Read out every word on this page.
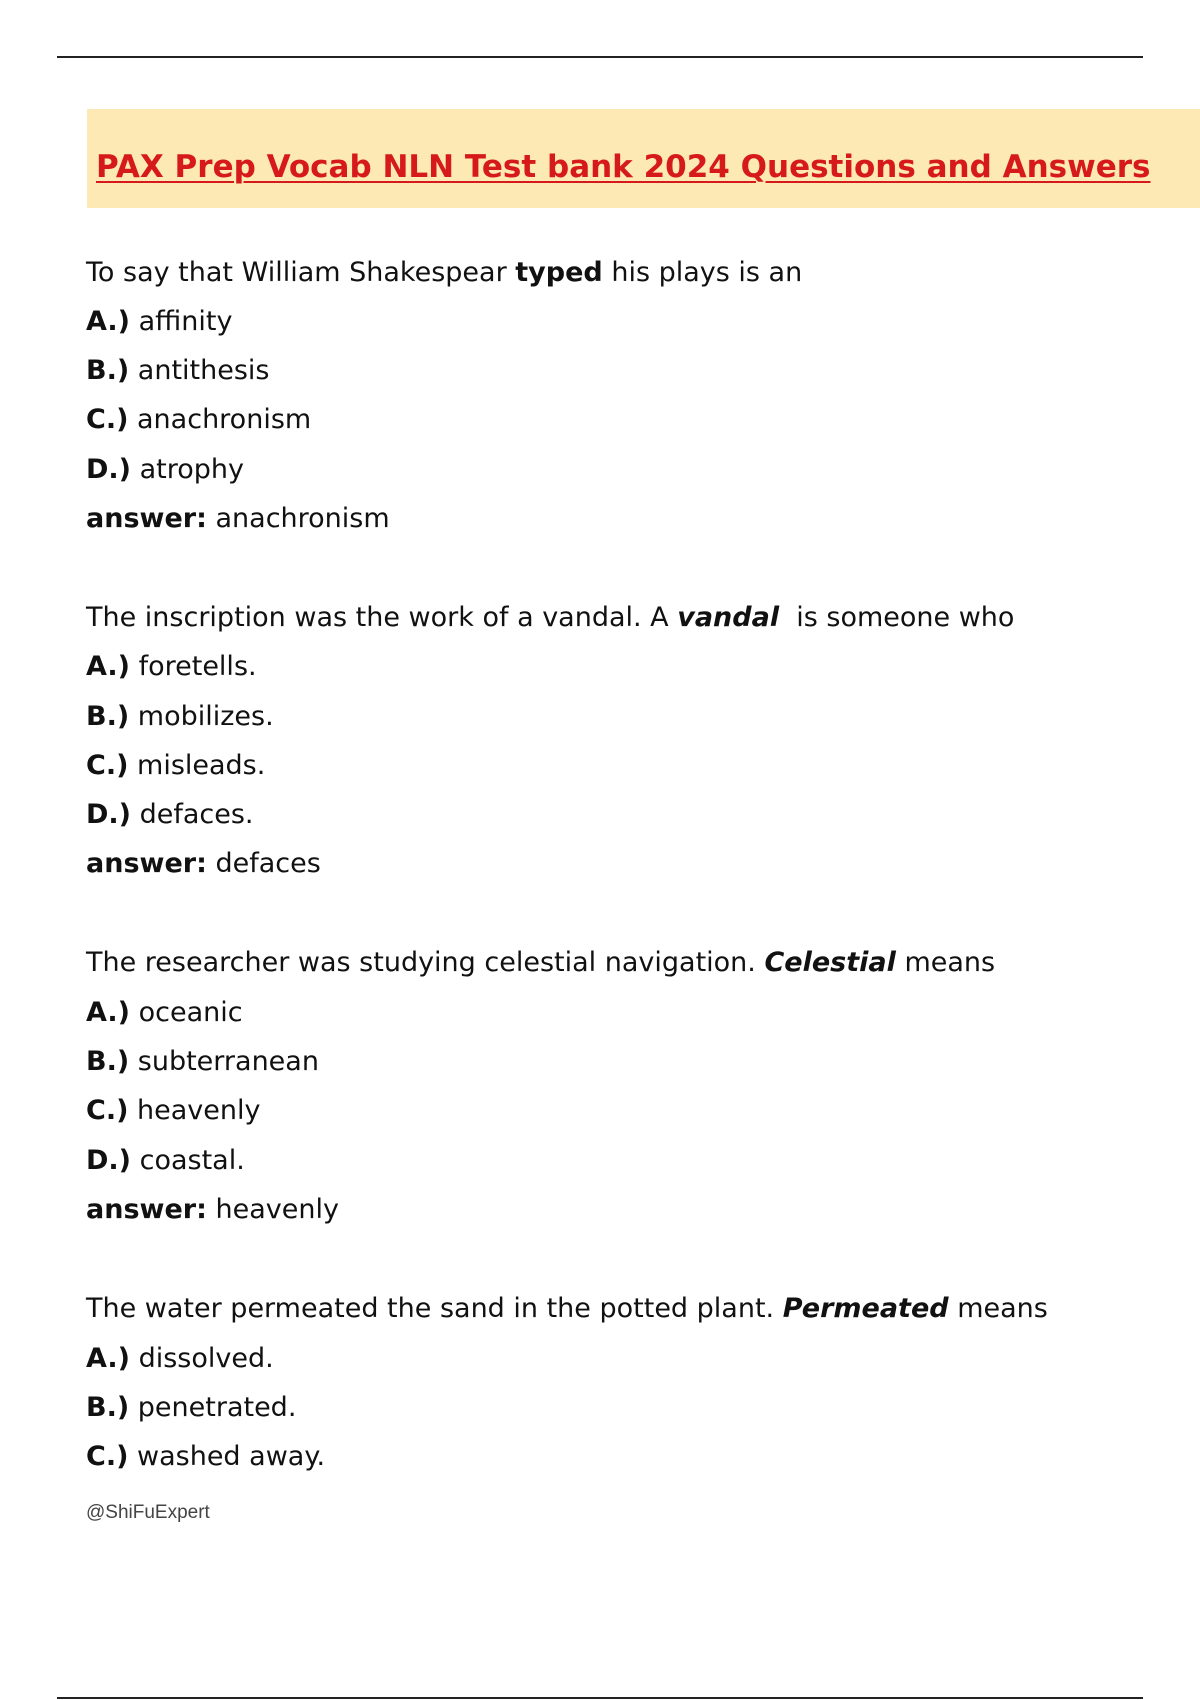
PAX Prep Vocab NLN Test bank 2024 Questions and Answers
To say that William Shakespear typed his plays is an
A.) affinity
B.) antithesis
C.) anachronism
D.) atrophy
answer: anachronism
The inscription was the work of a vandal. A vandal  is someone who
A.) foretells.
B.) mobilizes.
C.) misleads.
D.) defaces.
answer: defaces
The researcher was studying celestial navigation. Celestial means
A.) oceanic
B.) subterranean
C.) heavenly
D.) coastal.
answer: heavenly
The water permeated the sand in the potted plant. Permeated means
A.) dissolved.
B.) penetrated.
C.) washed away.
@ShiFuExpert
